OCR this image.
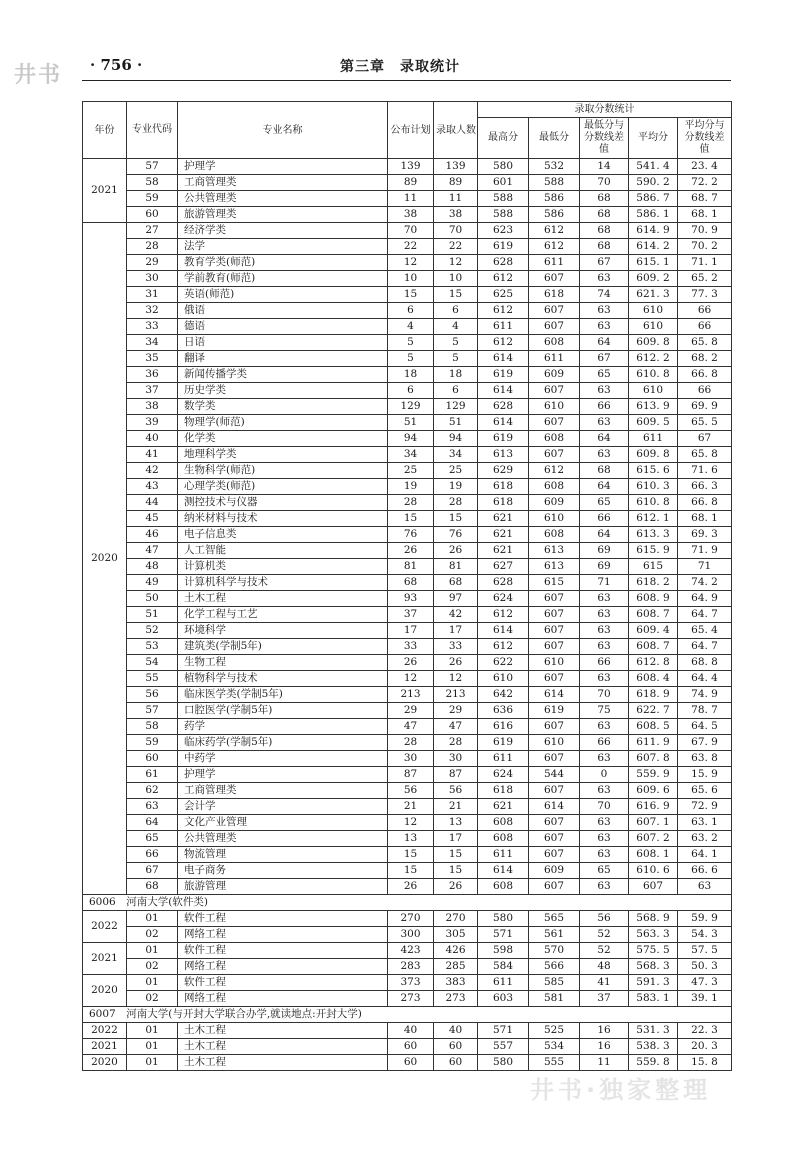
井书 · 756 ·	第三章　录取统计
年份	专业代码	专业名称	公布计划	录取人数	录取分数统计				
					最高分	最低分	最低分与分数线差值	平均分	平均分与分数线差值
2021	57	护理学	139	139	580	532	14	541. 4	23. 4
	58	工商管理类	89	89	601	588	70	590. 2	72. 2
	59	公共管理类	11	11	588	586	68	586. 7	68. 7
	60	旅游管理类	38	38	588	586	68	586. 1	68. 1
2020	27	经济学类	70	70	623	612	68	614. 9	70. 9
	28	法学	22	22	619	612	68	614. 2	70. 2
	29	教育学类(师范)	12	12	628	611	67	615. 1	71. 1
	30	学前教育(师范)	10	10	612	607	63	609. 2	65. 2
	31	英语(师范)	15	15	625	618	74	621. 3	77. 3
	32	俄语	6	6	612	607	63	610	66
	33	德语	4	4	611	607	63	610	66
	34	日语	5	5	612	608	64	609. 8	65. 8
	35	翻译	5	5	614	611	67	612. 2	68. 2
	36	新闻传播学类	18	18	619	609	65	610. 8	66. 8
	37	历史学类	6	6	614	607	63	610	66
	38	数学类	129	129	628	610	66	613. 9	69. 9
	39	物理学(师范)	51	51	614	607	63	609. 5	65. 5
	40	化学类	94	94	619	608	64	611	67
	41	地理科学类	34	34	613	607	63	609. 8	65. 8
	42	生物科学(师范)	25	25	629	612	68	615. 6	71. 6
	43	心理学类(师范)	19	19	618	608	64	610. 3	66. 3
	44	测控技术与仪器	28	28	618	609	65	610. 8	66. 8
	45	纳米材料与技术	15	15	621	610	66	612. 1	68. 1
	46	电子信息类	76	76	621	608	64	613. 3	69. 3
	47	人工智能	26	26	621	613	69	615. 9	71. 9
	48	计算机类	81	81	627	613	69	615	71
	49	计算机科学与技术	68	68	628	615	71	618. 2	74. 2
	50	土木工程	93	97	624	607	63	608. 9	64. 9
	51	化学工程与工艺	37	42	612	607	63	608. 7	64. 7
	52	环境科学	17	17	614	607	63	609. 4	65. 4
	53	建筑类(学制5年)	33	33	612	607	63	608. 7	64. 7
	54	生物工程	26	26	622	610	66	612. 8	68. 8
	55	植物科学与技术	12	12	610	607	63	608. 4	64. 4
	56	临床医学类(学制5年)	213	213	642	614	70	618. 9	74. 9
	57	口腔医学(学制5年)	29	29	636	619	75	622. 7	78. 7
	58	药学	47	47	616	607	63	608. 5	64. 5
	59	临床药学(学制5年)	28	28	619	610	66	611. 9	67. 9
	60	中药学	30	30	611	607	63	607. 8	63. 8
	61	护理学	87	87	624	544	0	559. 9	15. 9
	62	工商管理类	56	56	618	607	63	609. 6	65. 6
	63	会计学	21	21	621	614	70	616. 9	72. 9
	64	文化产业管理	12	13	608	607	63	607. 1	63. 1
	65	公共管理类	13	17	608	607	63	607. 2	63. 2
	66	物流管理	15	15	611	607	63	608. 1	64. 1
	67	电子商务	15	15	614	609	65	610. 6	66. 6
	68	旅游管理	26	26	608	607	63	607	63
6006　河南大学(软件类)									
2022	01	软件工程	270	270	580	565	56	568. 9	59. 9
	02	网络工程	300	305	571	561	52	563. 3	54. 3
2021	01	软件工程	423	426	598	570	52	575. 5	57. 5
	02	网络工程	283	285	584	566	48	568. 3	50. 3
2020	01	软件工程	373	383	611	585	41	591. 3	47. 3
	02	网络工程	273	273	603	581	37	583. 1	39. 1
6007　河南大学(与开封大学联合办学,就读地点:开封大学)									
2022	01	土木工程	40	40	571	525	16	531. 3	22. 3
2021	01	土木工程	60	60	557	534	16	538. 3	20. 3
2020	01	土木工程	60	60	580	555	11	559. 8	15. 8
井书·独家整理
